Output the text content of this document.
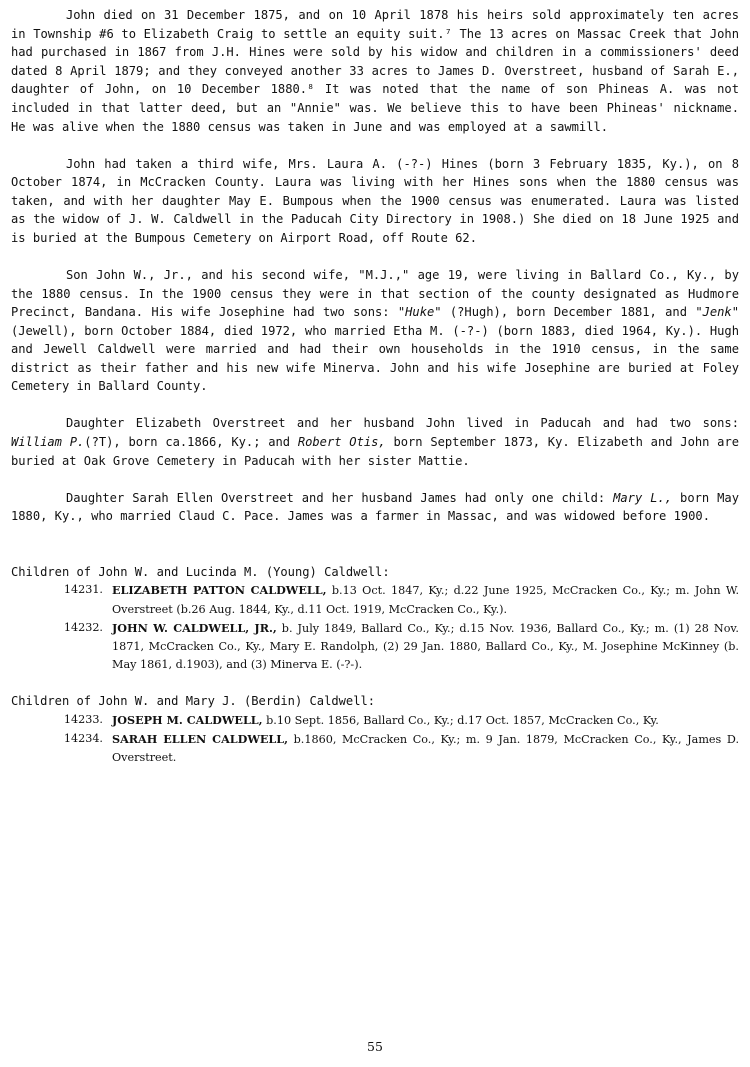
John died on 31 December 1875, and on 10 April 1878 his heirs sold approximately ten acres in Township #6 to Elizabeth Craig to settle an equity suit.⁷ The 13 acres on Massac Creek that John had purchased in 1867 from J.H. Hines were sold by his widow and children in a commissioners' deed dated 8 April 1879; and they conveyed another 33 acres to James D. Overstreet, husband of Sarah E., daughter of John, on 10 December 1880.⁸ It was noted that the name of son Phineas A. was not included in that latter deed, but an "Annie" was. We believe this to have been Phineas' nickname. He was alive when the 1880 census was taken in June and was employed at a sawmill.

John had taken a third wife, Mrs. Laura A. (-?-) Hines (born 3 February 1835, Ky.), on 8 October 1874, in McCracken County. Laura was living with her Hines sons when the 1880 census was taken, and with her daughter May E. Bumpous when the 1900 census was enumerated. Laura was listed as the widow of J. W. Caldwell in the Paducah City Directory in 1908.) She died on 18 June 1925 and is buried at the Bumpous Cemetery on Airport Road, off Route 62.

Son John W., Jr., and his second wife, "M.J.," age 19, were living in Ballard Co., Ky., by the 1880 census. In the 1900 census they were in that section of the county designated as Hudmore Precinct, Bandana. His wife Josephine had two sons: "Huke" (?Hugh), born December 1881, and "Jenk" (Jewell), born October 1884, died 1972, who married Etha M. (-?-) (born 1883, died 1964, Ky.). Hugh and Jewell Caldwell were married and had their own households in the 1910 census, in the same district as their father and his new wife Minerva. John and his wife Josephine are buried at Foley Cemetery in Ballard County.

Daughter Elizabeth Overstreet and her husband John lived in Paducah and had two sons: William P.(?T), born ca.1866, Ky.; and Robert Otis, born September 1873, Ky. Elizabeth and John are buried at Oak Grove Cemetery in Paducah with her sister Mattie.

Daughter Sarah Ellen Overstreet and her husband James had only one child: Mary L., born May 1880, Ky., who married Claud C. Pace. James was a farmer in Massac, and was widowed before 1900.

Children of John W. and Lucinda M. (Young) Caldwell:

14231. ELIZABETH PATTON CALDWELL, b.13 Oct. 1847, Ky.; d.22 June 1925, McCracken Co., Ky.; m. John W. Overstreet (b.26 Aug. 1844, Ky., d.11 Oct. 1919, McCracken Co., Ky.).
14232. JOHN W. CALDWELL, JR., b. July 1849, Ballard Co., Ky.; d.15 Nov. 1936, Ballard Co., Ky.; m. (1) 28 Nov. 1871, McCracken Co., Ky., Mary E. Randolph, (2) 29 Jan. 1880, Ballard Co., Ky., M. Josephine McKinney (b. May 1861, d.1903), and (3) Minerva E. (-?-).

Children of John W. and Mary J. (Berdin) Caldwell:

14233. JOSEPH M. CALDWELL, b.10 Sept. 1856, Ballard Co., Ky.; d.17 Oct. 1857, McCracken Co., Ky.
14234. SARAH ELLEN CALDWELL, b.1860, McCracken Co., Ky.; m. 9 Jan. 1879, McCracken Co., Ky., James D. Overstreet.
55
